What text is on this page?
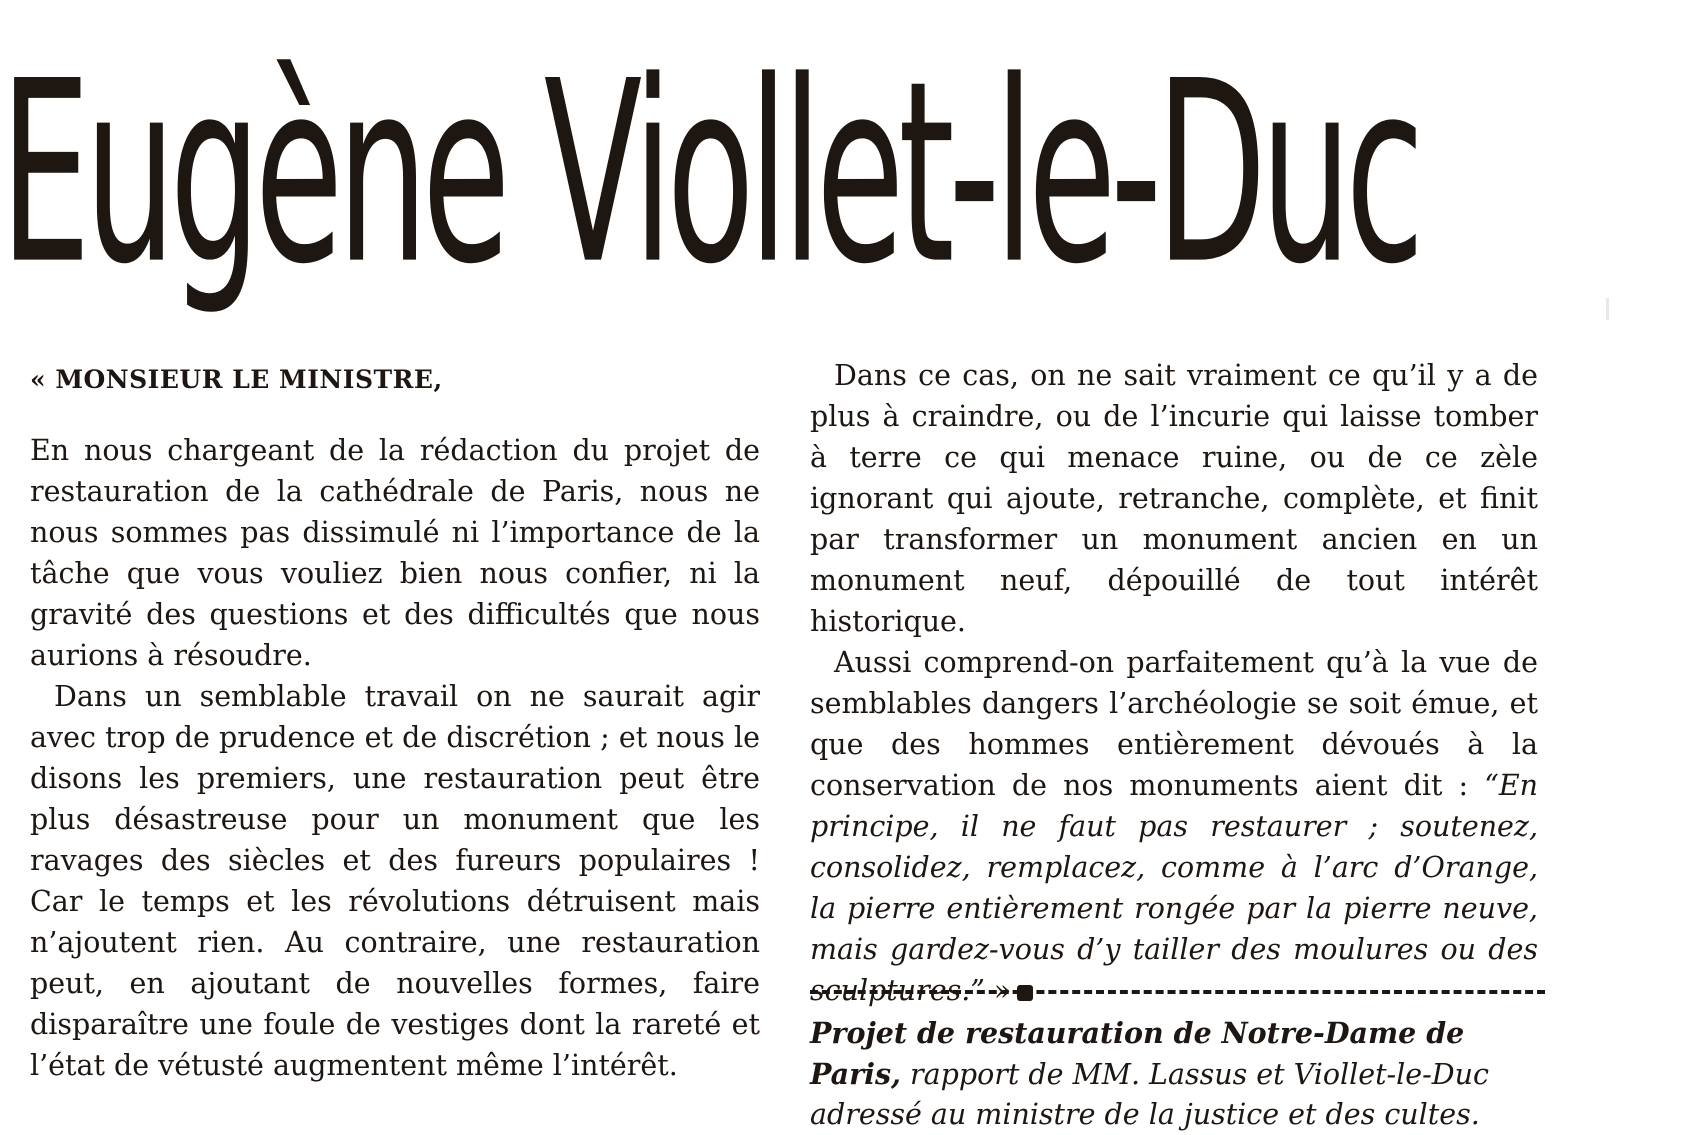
Eugène Viollet-le-Duc

« MONSIEUR LE MINISTRE,

En nous chargeant de la rédaction du projet de restauration de la cathédrale de Paris, nous ne nous sommes pas dissimulé ni l’importance de la tâche que vous vouliez bien nous confier, ni la gravité des questions et des difficultés que nous aurions à résoudre.

Dans un semblable travail on ne saurait agir avec trop de prudence et de discrétion ; et nous le disons les premiers, une restauration peut être plus désastreuse pour un monument que les ravages des siècles et des fureurs populaires ! Car le temps et les révolutions détruisent mais n’ajoutent rien. Au contraire, une restauration peut, en ajoutant de nouvelles formes, faire disparaître une foule de vestiges dont la rareté et l’état de vétusté augmentent même l’intérêt.

Dans ce cas, on ne sait vraiment ce qu’il y a de plus à craindre, ou de l’incurie qui laisse tomber à terre ce qui menace ruine, ou de ce zèle ignorant qui ajoute, retranche, complète, et finit par transformer un monument ancien en un monument neuf, dépouillé de tout intérêt historique.

Aussi comprend-on parfaitement qu’à la vue de semblables dangers l’archéologie se soit émue, et que des hommes entièrement dévoués à la conservation de nos monuments aient dit : “En principe, il ne faut pas restaurer ; soutenez, consolidez, remplacez, comme à l’arc d’Orange, la pierre entièrement rongée par la pierre neuve, mais gardez-vous d’y tailler des moulures ou des sculptures.” »

Projet de restauration de Notre-Dame de Paris, rapport de MM. Lassus et Viollet-le-Duc adressé au ministre de la justice et des cultes.
